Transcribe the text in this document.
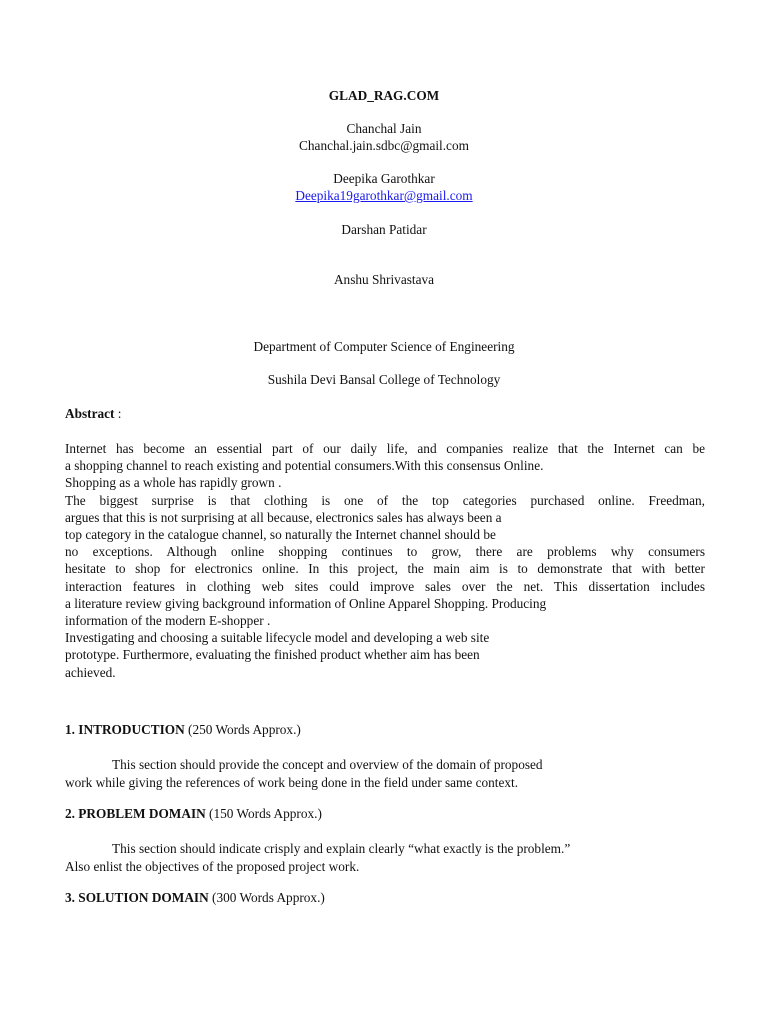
GLAD_RAG.COM
Chanchal Jain
Chanchal.jain.sdbc@gmail.com
Deepika Garothkar
Deepika19garothkar@gmail.com
Darshan Patidar
Anshu Shrivastava
Department of Computer Science of Engineering
Sushila Devi Bansal College of Technology
Abstract :
Internet has become an essential part of our daily life, and companies realize that the Internet can be
a shopping channel to reach existing and potential consumers.With this consensus Online.
Shopping as a whole has rapidly grown .
The biggest surprise is that clothing is one of the top categories purchased online. Freedman,
argues that this is not surprising at all because, electronics sales has always been a
top category in the catalogue channel, so naturally the Internet channel should be
no exceptions. Although online shopping continues to grow, there are problems why consumers
hesitate to shop for electronics online. In this project, the main aim is to demonstrate that with better
interaction features in clothing web sites could improve sales over the net. This dissertation includes
a literature review giving background information of Online Apparel Shopping. Producing
information of the modern E-shopper .
Investigating and choosing a suitable lifecycle model and developing a web site
prototype. Furthermore, evaluating the finished product whether aim has been
achieved.
1. INTRODUCTION (250 Words Approx.)
This section should provide the concept and overview of the domain of proposed
work while giving the references of work being done in the field under same context.
2. PROBLEM DOMAIN (150 Words Approx.)
This section should indicate crisply and explain clearly “what exactly is the problem.”
Also enlist the objectives of the proposed project work.
3. SOLUTION DOMAIN (300 Words Approx.)
